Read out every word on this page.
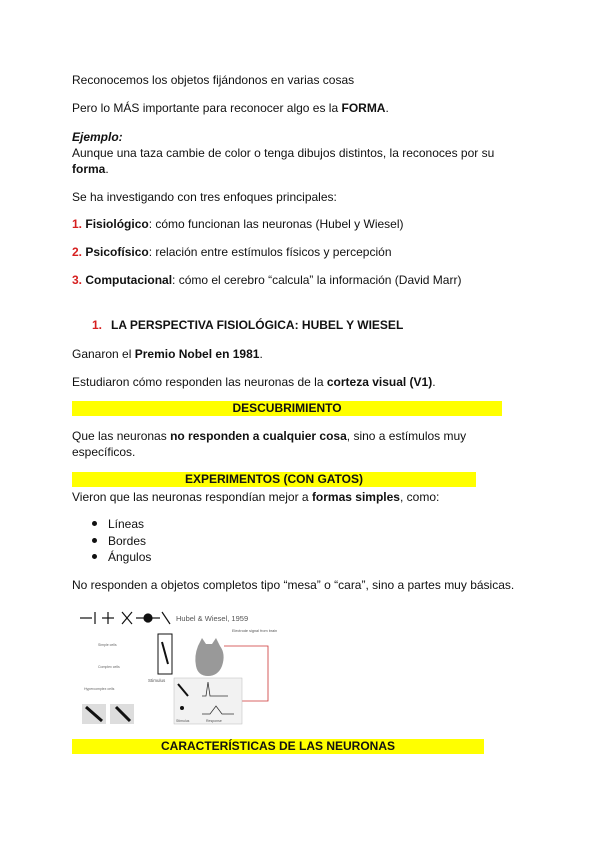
Reconocemos los objetos fijándonos en varias cosas
Pero lo MÁS importante para reconocer algo es la FORMA.
Ejemplo:
Aunque una taza cambie de color o tenga dibujos distintos, la reconoces por su forma.
Se ha investigando con tres enfoques principales:
1. Fisiológico: cómo funcionan las neuronas (Hubel y Wiesel)
2. Psicofísico: relación entre estímulos físicos y percepción
3. Computacional: cómo el cerebro “calcula” la información (David Marr)
1. LA PERSPECTIVA FISIOLÓGICA: HUBEL Y WIESEL
Ganaron el Premio Nobel en 1981.
Estudiaron cómo responden las neuronas de la corteza visual (V1).
DESCUBRIMIENTO
Que las neuronas no responden a cualquier cosa, sino a estímulos muy específicos.
EXPERIMENTOS (CON GATOS)
Vieron que las neuronas respondían mejor a formas simples, como:
Líneas
Bordes
Ángulos
No responden a objetos completos tipo “mesa” o “cara”, sino a partes muy básicas.
Hubel & Wiesel, 1959
Simple cells
Complex cells
Hypercomplex cells
Stimulus
Electrode signal from brain
Stimulus	Response
CARACTERÍSTICAS DE LAS NEURONAS
